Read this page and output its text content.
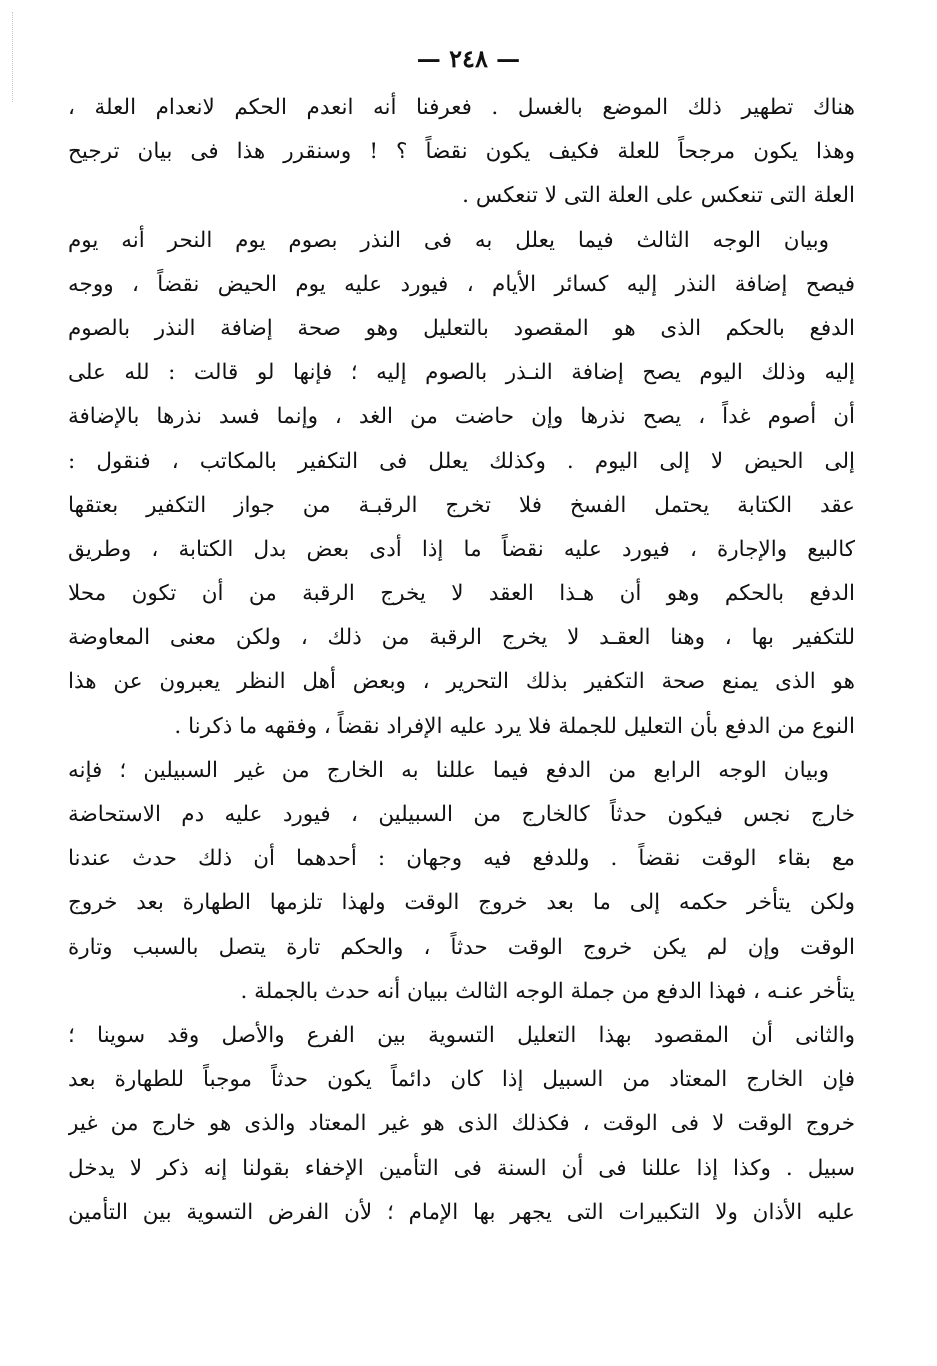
— ٢٤٨ —
هناك تطهير ذلك الموضع بالغسل . فعرفنا أنه انعدم الحكم لانعدام العلة ،
وهذا يكون مرجحاً للعلة فكيف يكون نقضاً ؟ ! وسنقرر هذا فى بيان ترجيح
العلة التى تنعكس على العلة التى لا تنعكس .
وبيان الوجه الثالث فيما يعلل به فى النذر بصوم يوم النحر أنه يوم
فيصح إضافة النذر إليه كسائر الأيام ، فيورد عليه يوم الحيض نقضاً ، ووجه
الدفع بالحكم الذى هو المقصود بالتعليل وهو صحة إضافة النذر بالصوم
إليه وذلك اليوم يصح إضافة النـذر بالصوم إليه ؛ فإنها لو قالت : لله على
أن أصوم غداً ، يصح نذرها وإن حاضت من الغد ، وإنما فسد نذرها بالإضافة
إلى الحيض لا إلى اليوم . وكذلك يعلل فى التكفير بالمكاتب ، فنقول :
عقد الكتابة يحتمل الفسخ فلا تخرج الرقبـة من جواز التكفير بعتقها
كالبيع والإجارة ، فيورد عليه نقضاً ما إذا أدى بعض بدل الكتابة ، وطريق
الدفع بالحكم وهو أن هـذا العقد لا يخرج الرقبة من أن تكون محلا
للتكفير بها ، وهنا العقـد لا يخرج الرقبة من ذلك ، ولكن معنى المعاوضة
هو الذى يمنع صحة التكفير بذلك التحرير ، وبعض أهل النظر يعبرون عن هذا
النوع من الدفع بأن التعليل للجملة فلا يرد عليه الإفراد نقضاً ، وفقهه ما ذكرنا .
وبيان الوجه الرابع من الدفع فيما عللنا به الخارج من غير السبيلين ؛ فإنه
خارج نجس فيكون حدثاً كالخارج من السبيلين ، فيورد عليه دم الاستحاضة
مع بقاء الوقت نقضاً . وللدفع فيه وجهان : أحدهما أن ذلك حدث عندنا
ولكن يتأخر حكمه إلى ما بعد خروج الوقت ولهذا تلزمها الطهارة بعد خروج
الوقت وإن لم يكن خروج الوقت حدثاً ، والحكم تارة يتصل بالسبب وتارة
يتأخر عنـه ، فهذا الدفع من جملة الوجه الثالث ببيان أنه حدث بالجملة .
والثانى أن المقصود بهذا التعليل التسوية بين الفرع والأصل وقد سوينا ؛
فإن الخارج المعتاد من السبيل إذا كان دائماً يكون حدثاً موجباً للطهارة بعد
خروج الوقت لا فى الوقت ، فكذلك الذى هو غير المعتاد والذى هو خارج من غير
سبيل . وكذا إذا عللنا فى أن السنة فى التأمين الإخفاء بقولنا إنه ذكر لا يدخل
عليه الأذان ولا التكبيرات التى يجهر بها الإمام ؛ لأن الفرض التسوية بين التأمين
